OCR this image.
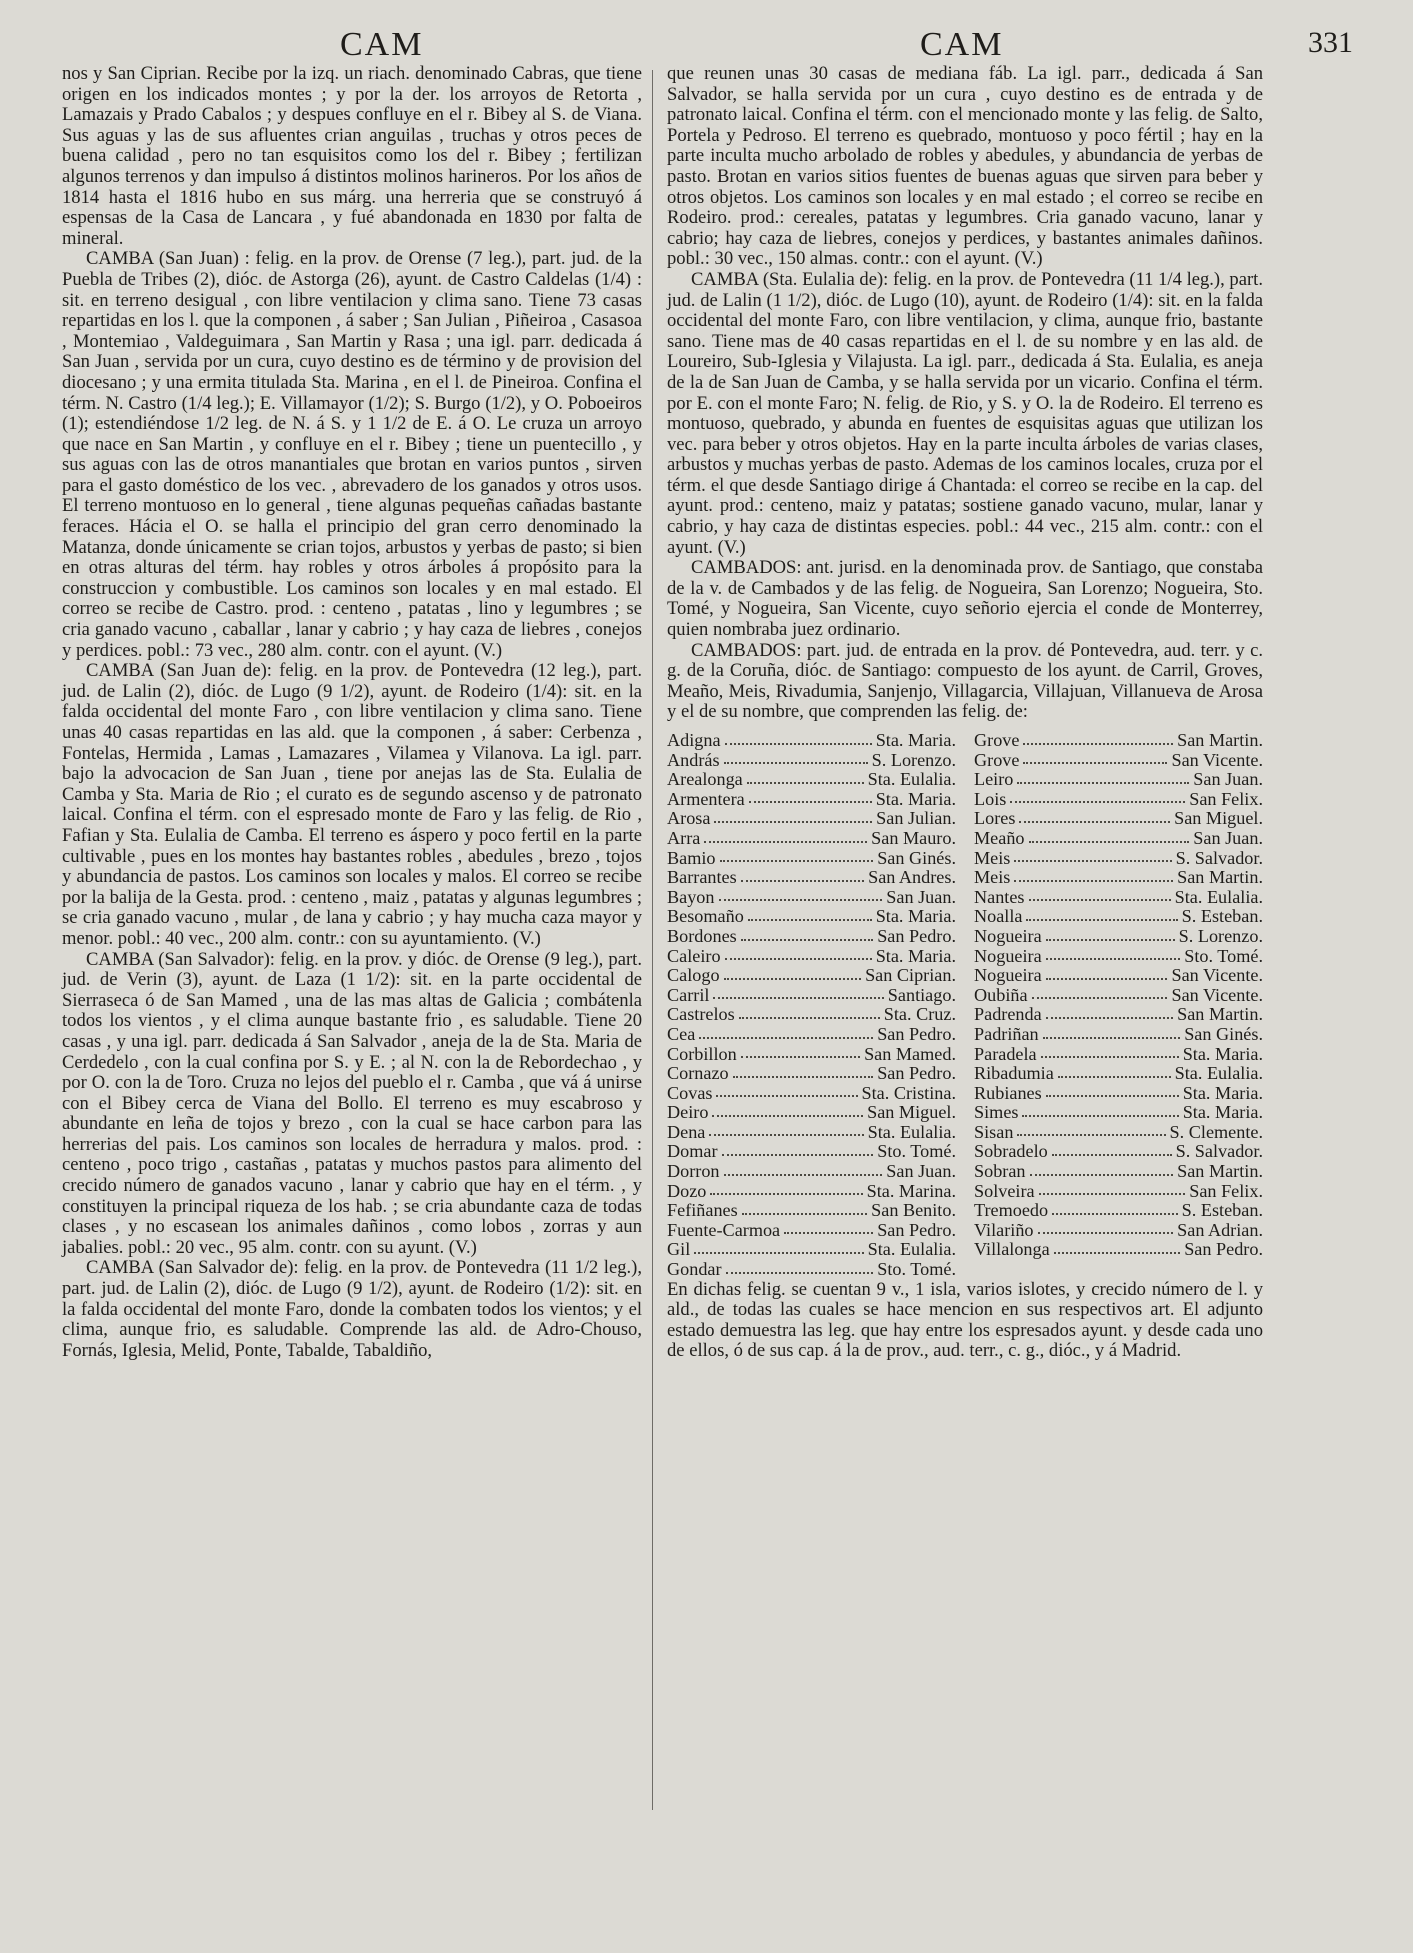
CAM	CAM	331

nos y San Ciprian. Recibe por la izq. un riach. denominado Cabras, que tiene origen en los indicados montes ; y por la der. los arroyos de Retorta , Lamazais y Prado Cabalos ; y despues confluye en el r. Bibey al S. de Viana. Sus aguas y las de sus afluentes crian anguilas , truchas y otros peces de buena calidad , pero no tan esquisitos como los del r. Bibey ; fertilizan algunos terrenos y dan impulso á distintos molinos harineros. Por los años de 1814 hasta el 1816 hubo en sus márg. una herreria que se construyó á espensas de la Casa de Lancara , y fué abandonada en 1830 por falta de mineral.

CAMBA (San Juan) : felig. en la prov. de Orense (7 leg.), part. jud. de la Puebla de Tribes (2), dióc. de Astorga (26), ayunt. de Castro Caldelas (1/4) : sit. en terreno desigual , con libre ventilacion y clima sano. Tiene 73 casas repartidas en los l. que la componen , á saber ; San Julian , Piñeiroa , Casasoa , Montemiao , Valdeguimara , San Martin y Rasa ; una igl. parr. dedicada á San Juan , servida por un cura, cuyo destino es de término y de provision del diocesano ; y una ermita titulada Sta. Marina , en el l. de Pineiroa. Confina el térm. N. Castro (1/4 leg.); E. Villamayor (1/2); S. Burgo (1/2), y O. Poboeiros (1); estendiéndose 1/2 leg. de N. á S. y 1 1/2 de E. á O. Le cruza un arroyo que nace en San Martin , y confluye en el r. Bibey ; tiene un puentecillo , y sus aguas con las de otros manantiales que brotan en varios puntos , sirven para el gasto doméstico de los vec. , abrevadero de los ganados y otros usos. El terreno montuoso en lo general , tiene algunas pequeñas cañadas bastante feraces. Hácia el O. se halla el principio del gran cerro denominado la Matanza, donde únicamente se crian tojos, arbustos y yerbas de pasto; si bien en otras alturas del térm. hay robles y otros árboles á propósito para la construccion y combustible. Los caminos son locales y en mal estado. El correo se recibe de Castro. prod. : centeno , patatas , lino y legumbres ; se cria ganado vacuno , caballar , lanar y cabrio ; y hay caza de liebres , conejos y perdices. pobl.: 73 vec., 280 alm. contr. con el ayunt. (V.)

CAMBA (San Juan de): felig. en la prov. de Pontevedra (12 leg.), part. jud. de Lalin (2), dióc. de Lugo (9 1/2), ayunt. de Rodeiro (1/4): sit. en la falda occidental del monte Faro , con libre ventilacion y clima sano. Tiene unas 40 casas repartidas en las ald. que la componen , á saber: Cerbenza , Fontelas, Hermida , Lamas , Lamazares , Vilamea y Vilanova. La igl. parr. bajo la advocacion de San Juan , tiene por anejas las de Sta. Eulalia de Camba y Sta. Maria de Rio ; el curato es de segundo ascenso y de patronato laical. Confina el térm. con el espresado monte de Faro y las felig. de Rio , Fafian y Sta. Eulalia de Camba. El terreno es áspero y poco fertil en la parte cultivable , pues en los montes hay bastantes robles , abedules , brezo , tojos y abundancia de pastos. Los caminos son locales y malos. El correo se recibe por la balija de la Gesta. prod. : centeno , maiz , patatas y algunas legumbres ; se cria ganado vacuno , mular , de lana y cabrio ; y hay mucha caza mayor y menor. pobl.: 40 vec., 200 alm. contr.: con su ayuntamiento. (V.)

CAMBA (San Salvador): felig. en la prov. y dióc. de Orense (9 leg.), part. jud. de Verin (3), ayunt. de Laza (1 1/2): sit. en la parte occidental de Sierraseca ó de San Mamed , una de las mas altas de Galicia ; combátenla todos los vientos , y el clima aunque bastante frio , es saludable. Tiene 20 casas , y una igl. parr. dedicada á San Salvador , aneja de la de Sta. Maria de Cerdedelo , con la cual confina por S. y E. ; al N. con la de Rebordechao , y por O. con la de Toro. Cruza no lejos del pueblo el r. Camba , que vá á unirse con el Bibey cerca de Viana del Bollo. El terreno es muy escabroso y abundante en leña de tojos y brezo , con la cual se hace carbon para las herrerias del pais. Los caminos son locales de herradura y malos. prod. : centeno , poco trigo , castañas , patatas y muchos pastos para alimento del crecido número de ganados vacuno , lanar y cabrio que hay en el térm. , y constituyen la principal riqueza de los hab. ; se cria abundante caza de todas clases , y no escasean los animales dañinos , como lobos , zorras y aun jabalies. pobl.: 20 vec., 95 alm. contr. con su ayunt. (V.)

CAMBA (San Salvador de): felig. en la prov. de Pontevedra (11 1/2 leg.), part. jud. de Lalin (2), dióc. de Lugo (9 1/2), ayunt. de Rodeiro (1/2): sit. en la falda occidental del monte Faro, donde la combaten todos los vientos; y el clima, aunque frio, es saludable. Comprende las ald. de Adro-Chouso, Fornás, Iglesia, Melid, Ponte, Tabalde, Tabaldiño,

que reunen unas 30 casas de mediana fáb. La igl. parr., dedicada á San Salvador, se halla servida por un cura , cuyo destino es de entrada y de patronato laical. Confina el térm. con el mencionado monte y las felig. de Salto, Portela y Pedroso. El terreno es quebrado, montuoso y poco fértil ; hay en la parte inculta mucho arbolado de robles y abedules, y abundancia de yerbas de pasto. Brotan en varios sitios fuentes de buenas aguas que sirven para beber y otros objetos. Los caminos son locales y en mal estado ; el correo se recibe en Rodeiro. prod.: cereales, patatas y legumbres. Cria ganado vacuno, lanar y cabrio; hay caza de liebres, conejos y perdices, y bastantes animales dañinos. pobl.: 30 vec., 150 almas. contr.: con el ayunt. (V.)

CAMBA (Sta. Eulalia de): felig. en la prov. de Pontevedra (11 1/4 leg.), part. jud. de Lalin (1 1/2), dióc. de Lugo (10), ayunt. de Rodeiro (1/4): sit. en la falda occidental del monte Faro, con libre ventilacion, y clima, aunque frio, bastante sano. Tiene mas de 40 casas repartidas en el l. de su nombre y en las ald. de Loureiro, Sub-Iglesia y Vilajusta. La igl. parr., dedicada á Sta. Eulalia, es aneja de la de San Juan de Camba, y se halla servida por un vicario. Confina el térm. por E. con el monte Faro; N. felig. de Rio, y S. y O. la de Rodeiro. El terreno es montuoso, quebrado, y abunda en fuentes de esquisitas aguas que utilizan los vec. para beber y otros objetos. Hay en la parte inculta árboles de varias clases, arbustos y muchas yerbas de pasto. Ademas de los caminos locales, cruza por el térm. el que desde Santiago dirige á Chantada: el correo se recibe en la cap. del ayunt. prod.: centeno, maiz y patatas; sostiene ganado vacuno, mular, lanar y cabrio, y hay caza de distintas especies. pobl.: 44 vec., 215 alm. contr.: con el ayunt. (V.)

CAMBADOS: ant. jurisd. en la denominada prov. de Santiago, que constaba de la v. de Cambados y de las felig. de Nogueira, San Lorenzo; Nogueira, Sto. Tomé, y Nogueira, San Vicente, cuyo señorio ejercia el conde de Monterrey, quien nombraba juez ordinario.

CAMBADOS: part. jud. de entrada en la prov. dé Pontevedra, aud. terr. y c. g. de la Coruña, dióc. de Santiago: compuesto de los ayunt. de Carril, Groves, Meaño, Meis, Rivadumia, Sanjenjo, Villagarcia, Villajuan, Villanueva de Arosa y el de su nombre, que comprenden las felig. de:

Adigna	Sta. Maria.
András	S. Lorenzo.
Arealonga	Sta. Eulalia.
Armentera	Sta. Maria.
Arosa	San Julian.
Arra	San Mauro.
Bamio	San Ginés.
Barrantes	San Andres.
Bayon	San Juan.
Besomaño	Sta. Maria.
Bordones	San Pedro.
Caleiro	Sta. Maria.
Calogo	San Ciprian.
Carril	Santiago.
Castrelos	Sta. Cruz.
Cea	San Pedro.
Corbillon	San Mamed.
Cornazo	San Pedro.
Covas	Sta. Cristina.
Deiro	San Miguel.
Dena	Sta. Eulalia.
Domar	Sto. Tomé.
Dorron	San Juan.
Dozo	Sta. Marina.
Fefiñanes	San Benito.
Fuente-Carmoa	San Pedro.
Gil	Sta. Eulalia.
Gondar	Sto. Tomé.
Grove	San Martin.
Grove	San Vicente.
Leiro	San Juan.
Lois	San Felix.
Lores	San Miguel.
Meaño	San Juan.
Meis	S. Salvador.
Meis	San Martin.
Nantes	Sta. Eulalia.
Noalla	S. Esteban.
Nogueira	S. Lorenzo.
Nogueira	Sto. Tomé.
Nogueira	San Vicente.
Oubiña	San Vicente.
Padrenda	San Martin.
Padriñan	San Ginés.
Paradela	Sta. Maria.
Ribadumia	Sta. Eulalia.
Rubianes	Sta. Maria.
Simes	Sta. Maria.
Sisan	S. Clemente.
Sobradelo	S. Salvador.
Sobran	San Martin.
Solveira	San Felix.
Tremoedo	S. Esteban.
Vilariño	San Adrian.
Villalonga	San Pedro.

En dichas felig. se cuentan 9 v., 1 isla, varios islotes, y crecido número de l. y ald., de todas las cuales se hace mencion en sus respectivos art. El adjunto estado demuestra las leg. que hay entre los espresados ayunt. y desde cada uno de ellos, ó de sus cap. á la de prov., aud. terr., c. g., dióc., y á Madrid.
